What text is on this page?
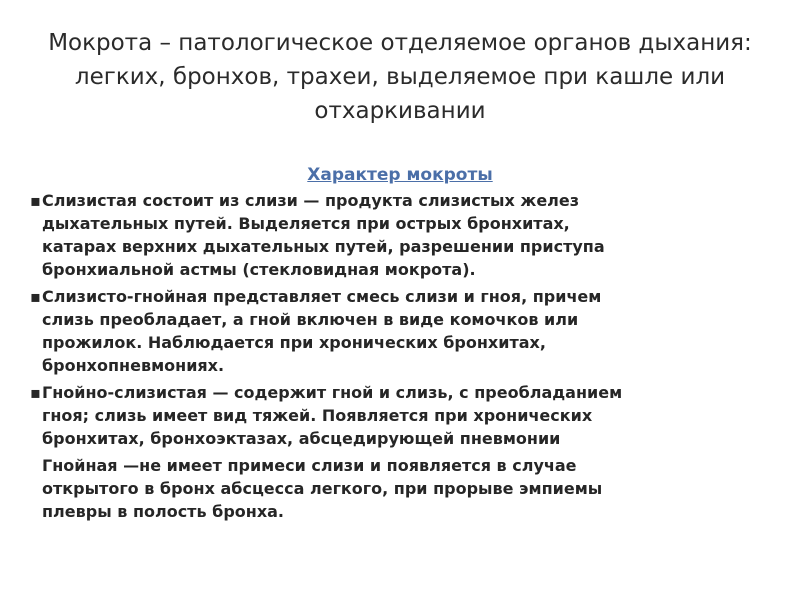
Мокрота – патологическое отделяемое органов дыхания:
легких, бронхов, трахеи, выделяемое при кашле или
отхаркивании
Характер мокроты
▪ Слизистая состоит из слизи — продукта слизистых желез
дыхательных путей. Выделяется при острых бронхитах,
катарах верхних дыхательных путей, разрешении приступа
бронхиальной астмы (стекловидная мокрота).
▪ Слизисто-гнойная представляет смесь слизи и гноя, причем
слизь преобладает, а гной включен в виде комочков или
прожилок. Наблюдается при хронических бронхитах,
бронхопневмониях.
▪ Гнойно-слизистая — содержит гной и слизь, с преобладанием
гноя; слизь имеет вид тяжей. Появляется при хронических
бронхитах, бронхоэктазах, абсцедирующей пневмонии
Гнойная —не имеет примеси слизи и появляется в случае
открытого в бронх абсцесса легкого, при прорыве эмпиемы
плевры в полость бронха.
